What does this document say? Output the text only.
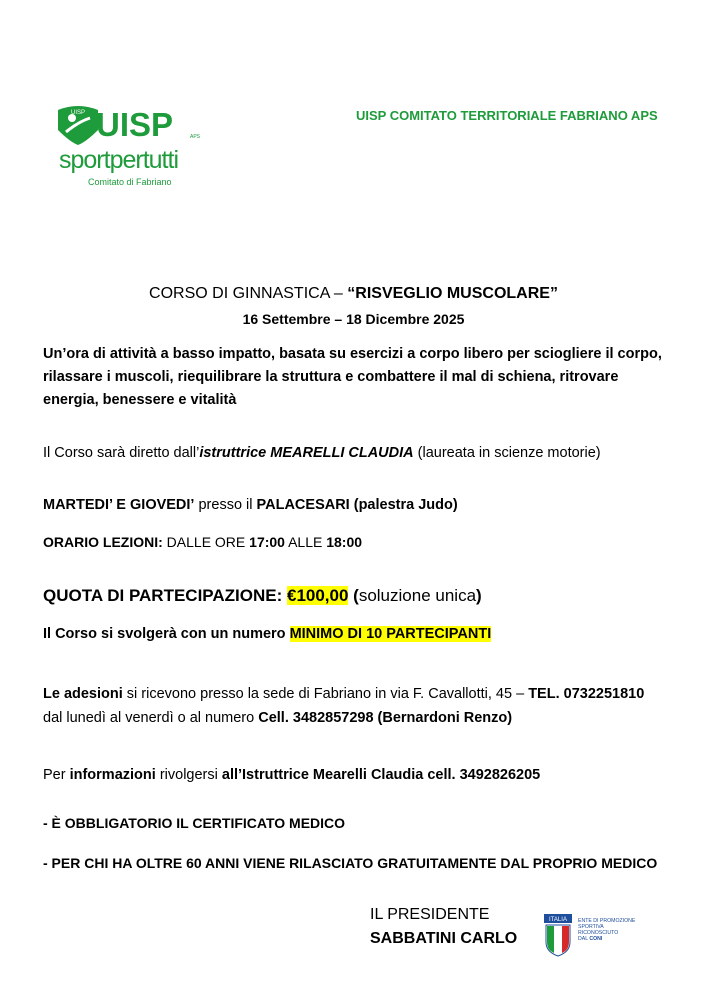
UISP UISP	APS
sportpertutti
Comitato di Fabriano
UISP COMITATO TERRITORIALE FABRIANO APS
CORSO DI GINNASTICA – “RISVEGLIO MUSCOLARE”
16 Settembre – 18 Dicembre 2025
Un’ora di attività a basso impatto, basata su esercizi a corpo libero per sciogliere il corpo, rilassare i muscoli, riequilibrare la struttura e combattere il mal di schiena, ritrovare energia, benessere e vitalità
Il Corso sarà diretto dall’istruttrice MEARELLI CLAUDIA (laureata in scienze motorie)
MARTEDI’ E GIOVEDI’ presso il PALACESARI (palestra Judo)
ORARIO LEZIONI: DALLE ORE 17:00 ALLE 18:00
QUOTA DI PARTECIPAZIONE: €100,00 (soluzione unica)
Il Corso si svolgerà con un numero MINIMO DI 10 PARTECIPANTI
Le adesioni si ricevono presso la sede di Fabriano in via F. Cavallotti, 45 – TEL. 0732251810
dal lunedì al venerdì o al numero Cell. 3482857298 (Bernardoni Renzo)
Per informazioni rivolgersi all’Istruttrice Mearelli Claudia cell. 3492826205
- È OBBLIGATORIO IL CERTIFICATO MEDICO
- PER CHI HA OLTRE 60 ANNI VIENE RILASCIATO GRATUITAMENTE DAL PROPRIO MEDICO
IL PRESIDENTE
SABBATINI CARLO
ITALIA ENTE DI PROMOZIONE
SPORTIVA
RICONOSCIUTO
DAL CONI
